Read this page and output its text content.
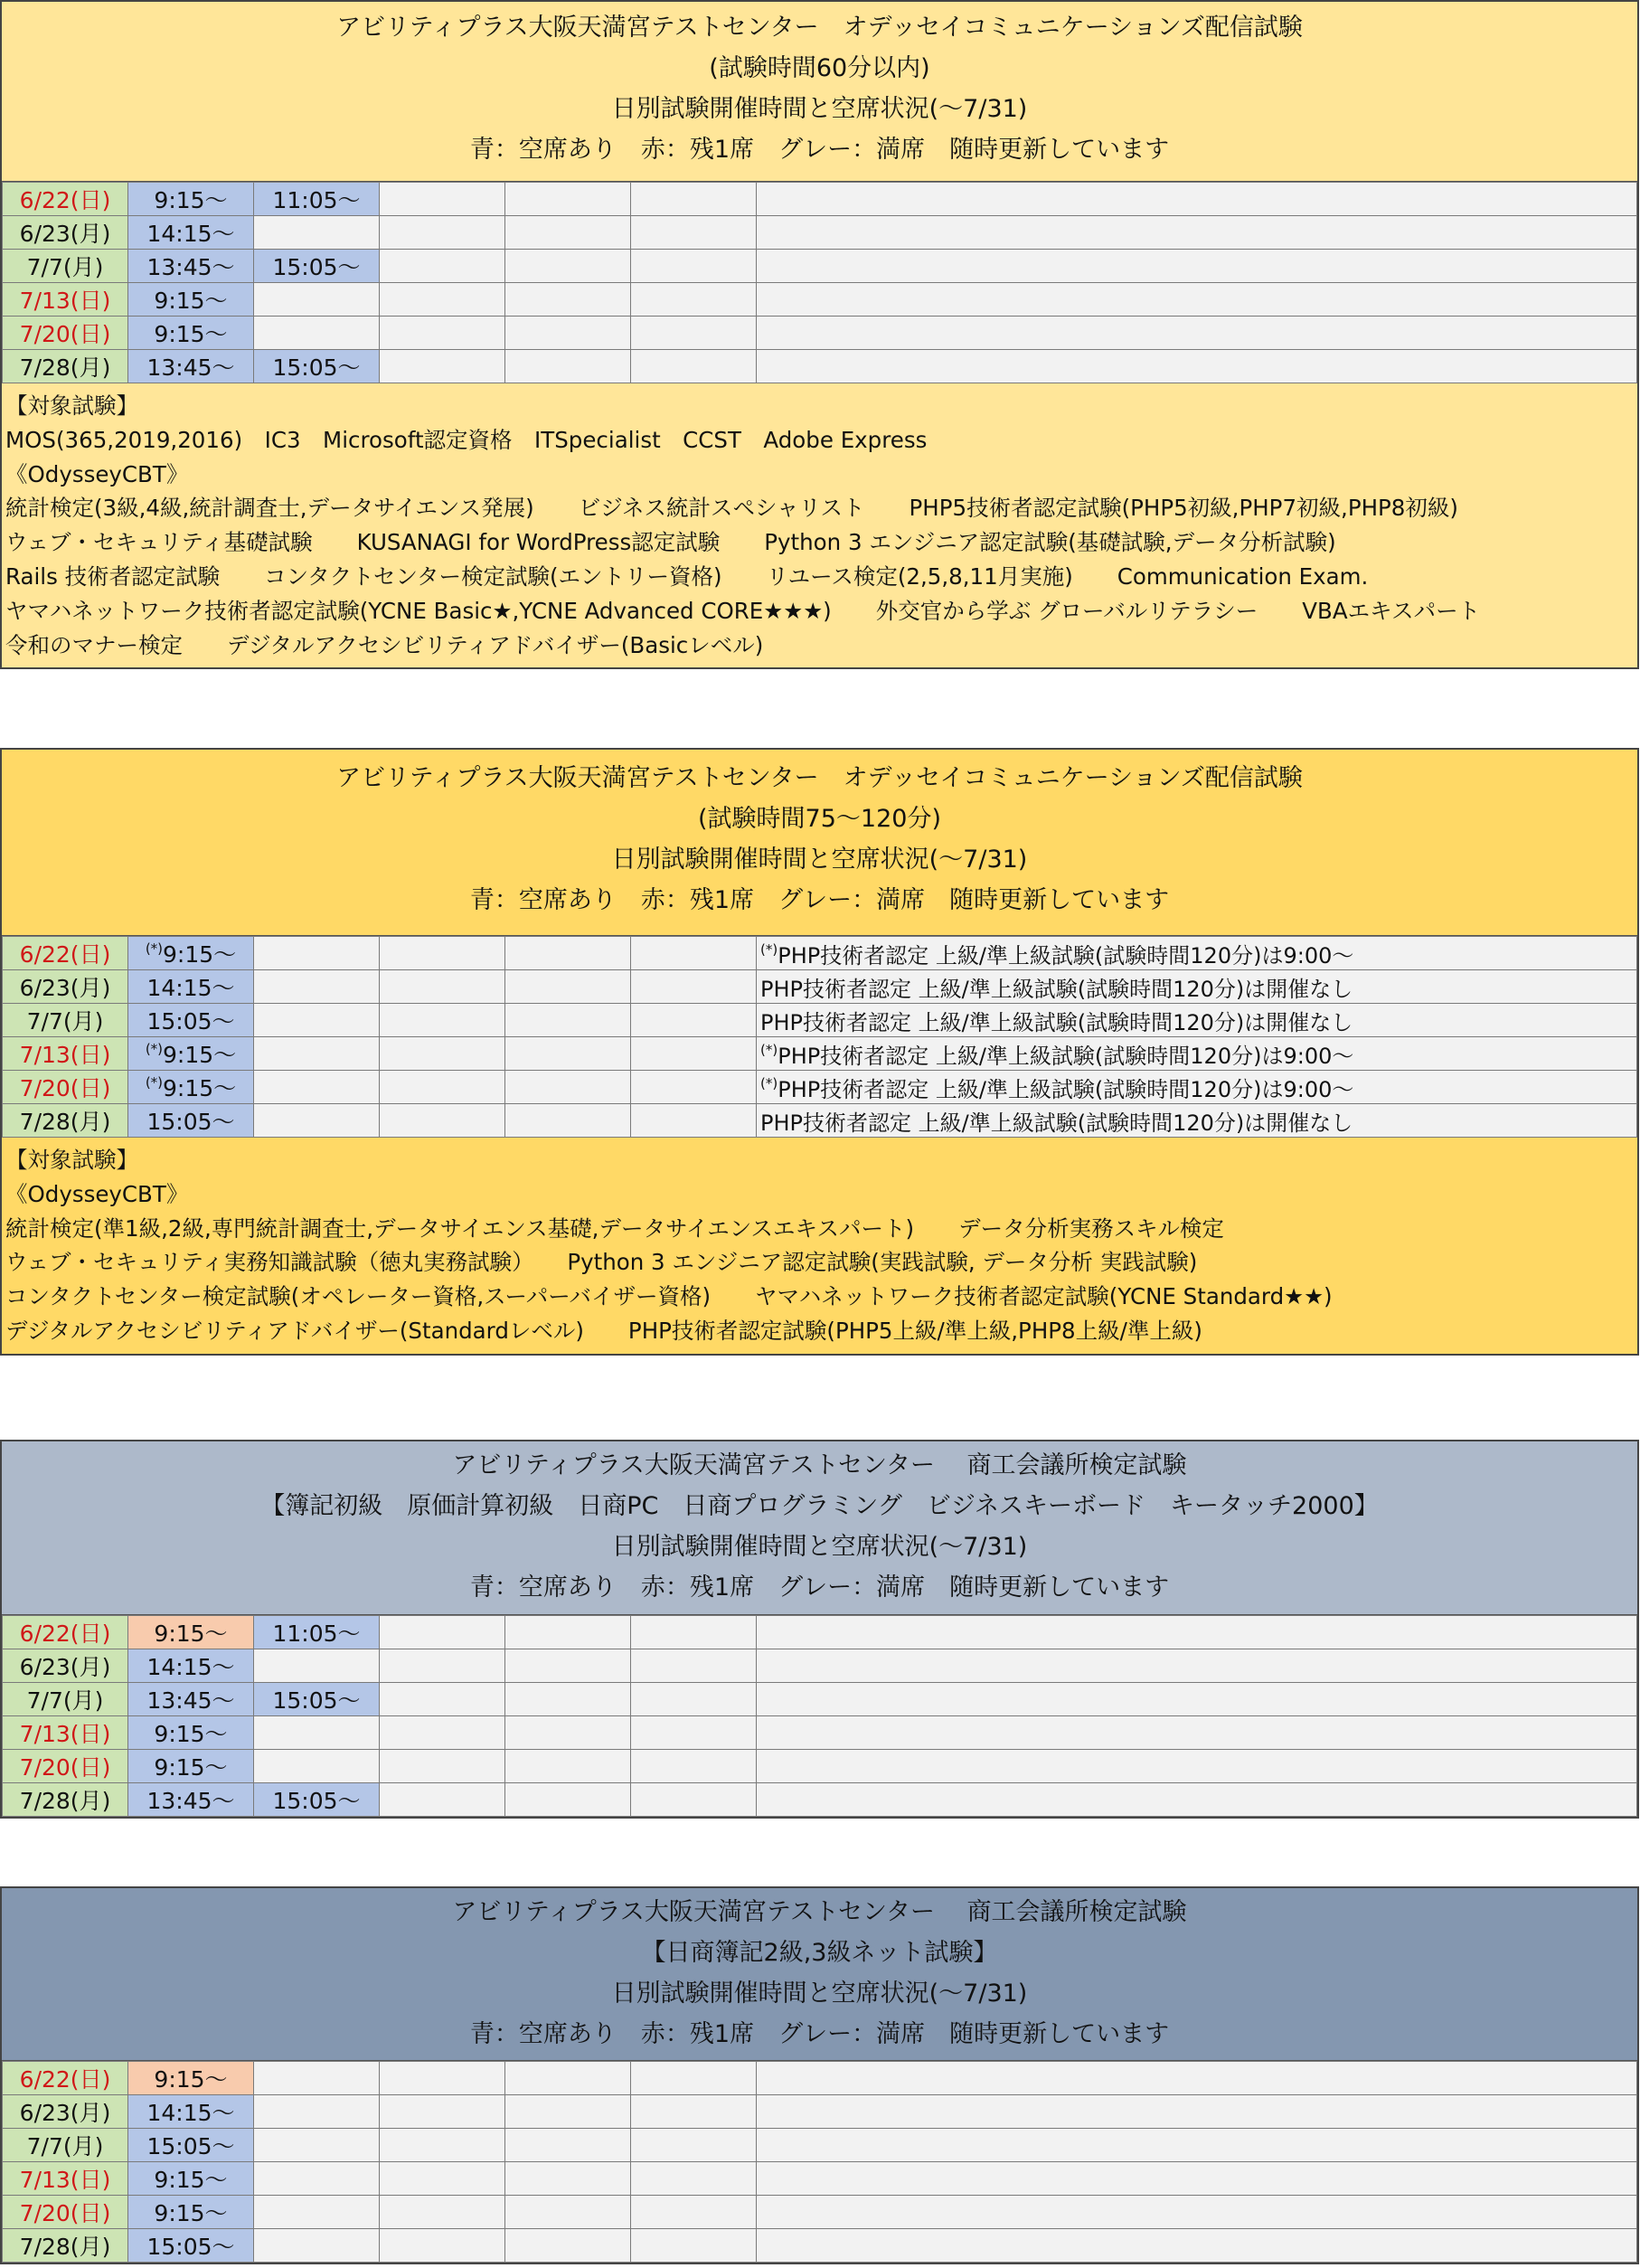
アビリティプラス大阪天満宮テストセンター　オデッセイコミュニケーションズ配信試験
(試験時間60分以内)
日別試験開催時間と空席状況(～7/31)
青：空席あり　赤：残1席　グレー：満席　随時更新しています
6/22(日)	9:15～	11:05～				
6/23(月)	14:15～					
7/7(月)	13:45～	15:05～				
7/13(日)	9:15～					
7/20(日)	9:15～					
7/28(月)	13:45～	15:05～				
【対象試験】
MOS(365,2019,2016)　IC3　Microsoft認定資格　ITSpecialist　CCST　Adobe Express
《OdysseyCBT》
統計検定(3級,4級,統計調査士,データサイエンス発展)　　ビジネス統計スペシャリスト　　PHP5技術者認定試験(PHP5初級,PHP7初級,PHP8初級)
ウェブ・セキュリティ基礎試験　　KUSANAGI for WordPress認定試験　　Python 3 エンジニア認定試験(基礎試験,データ分析試験)
Rails 技術者認定試験　　コンタクトセンター検定試験(エントリー資格)　　リユース検定(2,5,8,11月実施)　　Communication Exam.
ヤマハネットワーク技術者認定試験(YCNE Basic★,YCNE Advanced CORE★★★)　　外交官から学ぶ グローバルリテラシー　　VBAエキスパート
令和のマナー検定　　デジタルアクセシビリティアドバイザー(Basicレベル)
アビリティプラス大阪天満宮テストセンター　オデッセイコミュニケーションズ配信試験
(試験時間75～120分)
日別試験開催時間と空席状況(～7/31)
青：空席あり　赤：残1席　グレー：満席　随時更新しています
6/22(日)	(*)9:15～					(*)PHP技術者認定 上級/準上級試験(試験時間120分)は9:00～
6/23(月)	14:15～					PHP技術者認定 上級/準上級試験(試験時間120分)は開催なし
7/7(月)	15:05～					PHP技術者認定 上級/準上級試験(試験時間120分)は開催なし
7/13(日)	(*)9:15～					(*)PHP技術者認定 上級/準上級試験(試験時間120分)は9:00～
7/20(日)	(*)9:15～					(*)PHP技術者認定 上級/準上級試験(試験時間120分)は9:00～
7/28(月)	15:05～					PHP技術者認定 上級/準上級試験(試験時間120分)は開催なし
【対象試験】
《OdysseyCBT》
統計検定(準1級,2級,専門統計調査士,データサイエンス基礎,データサイエンスエキスパート)　　データ分析実務スキル検定
ウェブ・セキュリティ実務知識試験（徳丸実務試験）　　Python 3 エンジニア認定試験(実践試験, データ分析 実践試験)
コンタクトセンター検定試験(オペレーター資格,スーパーバイザー資格)　　ヤマハネットワーク技術者認定試験(YCNE Standard★★)
デジタルアクセシビリティアドバイザー(Standardレベル)　　PHP技術者認定試験(PHP5上級/準上級,PHP8上級/準上級)
アビリティプラス大阪天満宮テストセンター　 商工会議所検定試験
【簿記初級　原価計算初級　日商PC　日商プログラミング　ビジネスキーボード　キータッチ2000】
日別試験開催時間と空席状況(～7/31)
青：空席あり　赤：残1席　グレー：満席　随時更新しています
6/22(日)	9:15～	11:05～				
6/23(月)	14:15～					
7/7(月)	13:45～	15:05～				
7/13(日)	9:15～					
7/20(日)	9:15～					
7/28(月)	13:45～	15:05～				
アビリティプラス大阪天満宮テストセンター　 商工会議所検定試験
【日商簿記2級,3級ネット試験】
日別試験開催時間と空席状況(～7/31)
青：空席あり　赤：残1席　グレー：満席　随時更新しています
6/22(日)	9:15～					
6/23(月)	14:15～					
7/7(月)	15:05～					
7/13(日)	9:15～					
7/20(日)	9:15～					
7/28(月)	15:05～					
